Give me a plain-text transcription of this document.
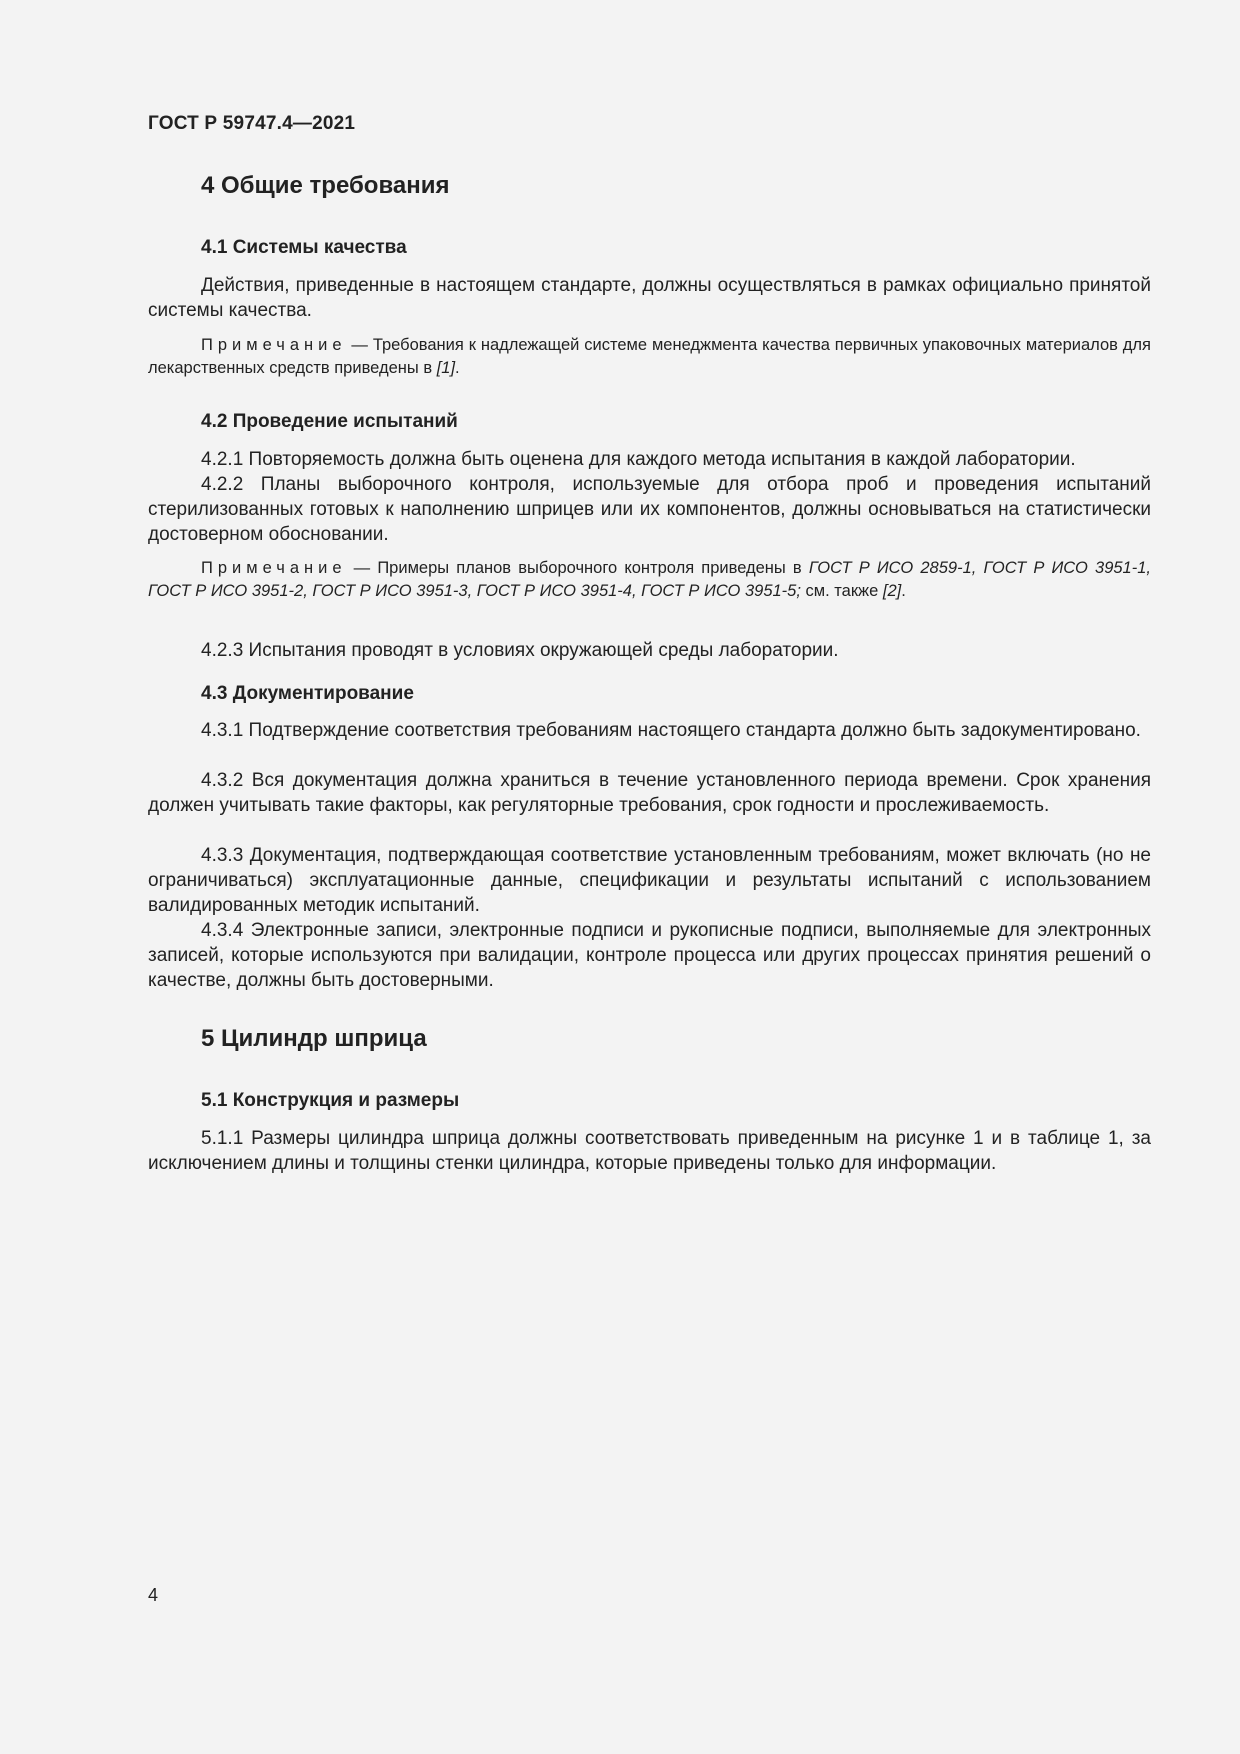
ГОСТ Р 59747.4—2021
4 Общие требования
4.1 Системы качества
Действия, приведенные в настоящем стандарте, должны осуществляться в рамках официально принятой системы качества.
Примечание — Требования к надлежащей системе менеджмента качества первичных упаковочных материалов для лекарственных средств приведены в [1].
4.2 Проведение испытаний
4.2.1 Повторяемость должна быть оценена для каждого метода испытания в каждой лаборатории.
4.2.2 Планы выборочного контроля, используемые для отбора проб и проведения испытаний стерилизованных готовых к наполнению шприцев или их компонентов, должны основываться на статистически достоверном обосновании.
Примечание — Примеры планов выборочного контроля приведены в ГОСТ Р ИСО 2859-1, ГОСТ Р ИСО 3951-1, ГОСТ Р ИСО 3951-2, ГОСТ Р ИСО 3951-3, ГОСТ Р ИСО 3951-4, ГОСТ Р ИСО 3951-5; см. также [2].
4.2.3 Испытания проводят в условиях окружающей среды лаборатории.
4.3 Документирование
4.3.1 Подтверждение соответствия требованиям настоящего стандарта должно быть задокументировано.
4.3.2 Вся документация должна храниться в течение установленного периода времени. Срок хранения должен учитывать такие факторы, как регуляторные требования, срок годности и прослеживаемость.
4.3.3 Документация, подтверждающая соответствие установленным требованиям, может включать (но не ограничиваться) эксплуатационные данные, спецификации и результаты испытаний с использованием валидированных методик испытаний.
4.3.4 Электронные записи, электронные подписи и рукописные подписи, выполняемые для электронных записей, которые используются при валидации, контроле процесса или других процессах принятия решений о качестве, должны быть достоверными.
5 Цилиндр шприца
5.1 Конструкция и размеры
5.1.1 Размеры цилиндра шприца должны соответствовать приведенным на рисунке 1 и в таблице 1, за исключением длины и толщины стенки цилиндра, которые приведены только для информации.
4
